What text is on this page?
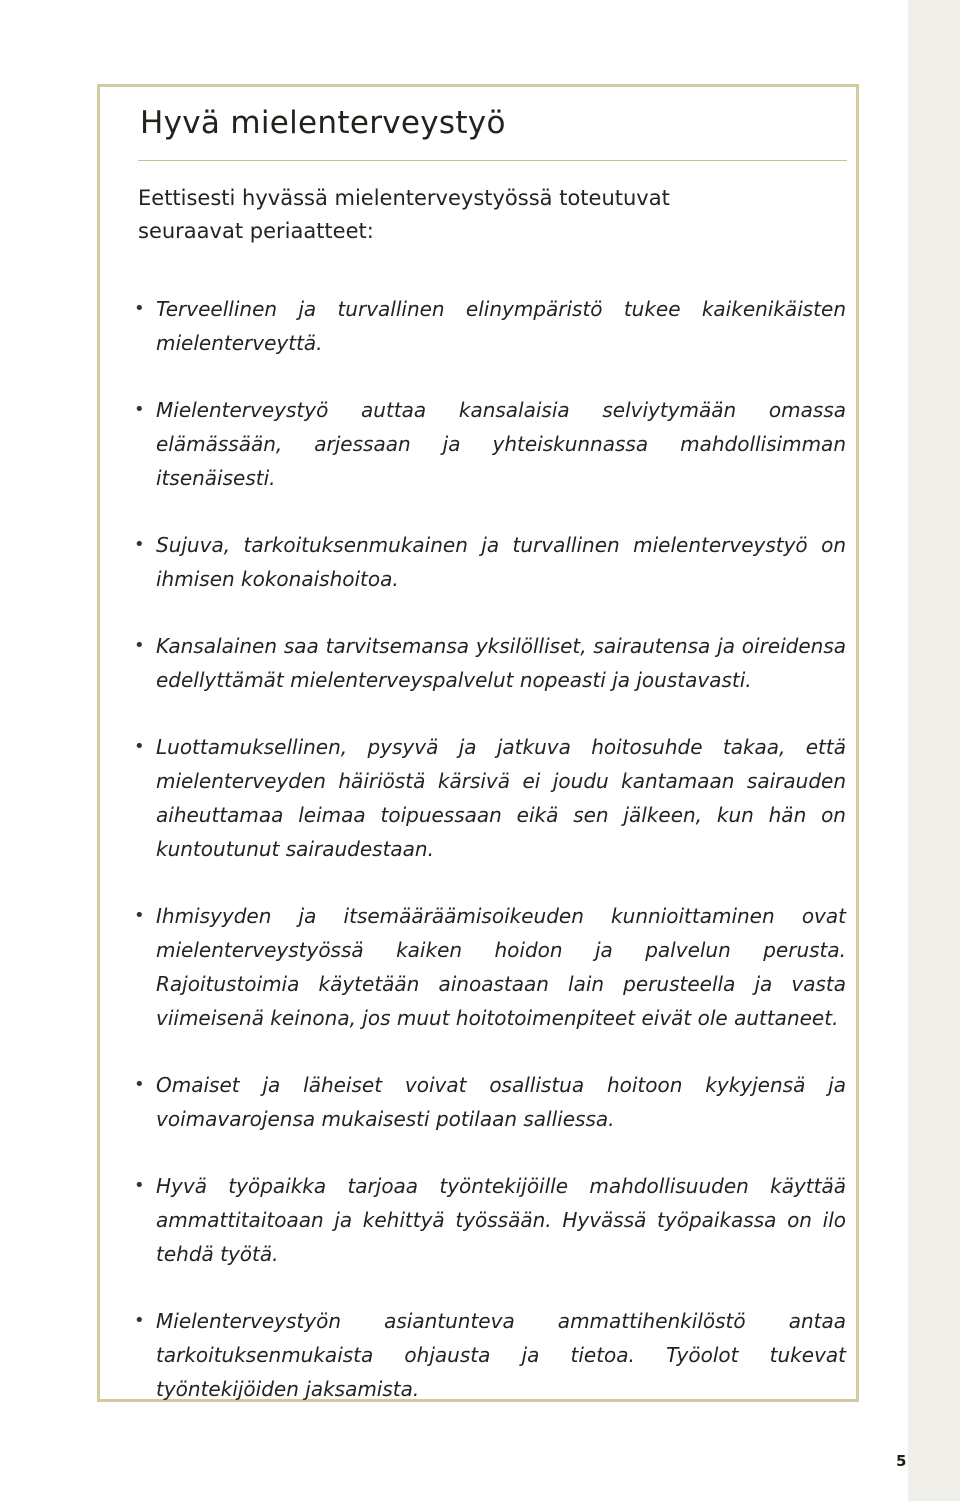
Hyvä mielenterveystyö

Eettisesti hyvässä mielenterveystyössä toteutuvat seuraavat periaatteet:

• Terveellinen ja turvallinen elinympäristö tukee kaikenikäisten mielenterveyttä.
• Mielenterveystyö auttaa kansalaisia selviytymään omassa elämässään, arjessaan ja yhteiskunnassa mahdollisimman itsenäisesti.
• Sujuva, tarkoituksenmukainen ja turvallinen mielenterveystyö on ihmisen kokonaishoitoa.
• Kansalainen saa tarvitsemansa yksilölliset, sairautensa ja oireidensa edellyttämät mielenterveyspalvelut nopeasti ja joustavasti.
• Luottamuksellinen, pysyvä ja jatkuva hoitosuhde takaa, että mielenterveyden häiriöstä kärsivä ei joudu kantamaan sairauden aiheuttamaa leimaa toipuessaan eikä sen jälkeen, kun hän on kuntoutunut sairaudestaan.
• Ihmisyyden ja itsemääräämisoikeuden kunnioittaminen ovat mielenterveystyössä kaiken hoidon ja palvelun perusta. Rajoitustoimia käytetään ainoastaan lain perusteella ja vasta viimeisenä keinona, jos muut hoitotoimenpiteet eivät ole auttaneet.
• Omaiset ja läheiset voivat osallistua hoitoon kykyjensä ja voimavarojensa mukaisesti potilaan salliessa.
• Hyvä työpaikka tarjoaa työntekijöille mahdollisuuden käyttää ammattitaitoaan ja kehittyä työssään. Hyvässä työpaikassa on ilo tehdä työtä.
• Mielenterveystyön asiantunteva ammattihenkilöstö antaa tarkoituksenmukaista ohjausta ja tietoa. Työolot tukevat työntekijöiden jaksamista.
5
